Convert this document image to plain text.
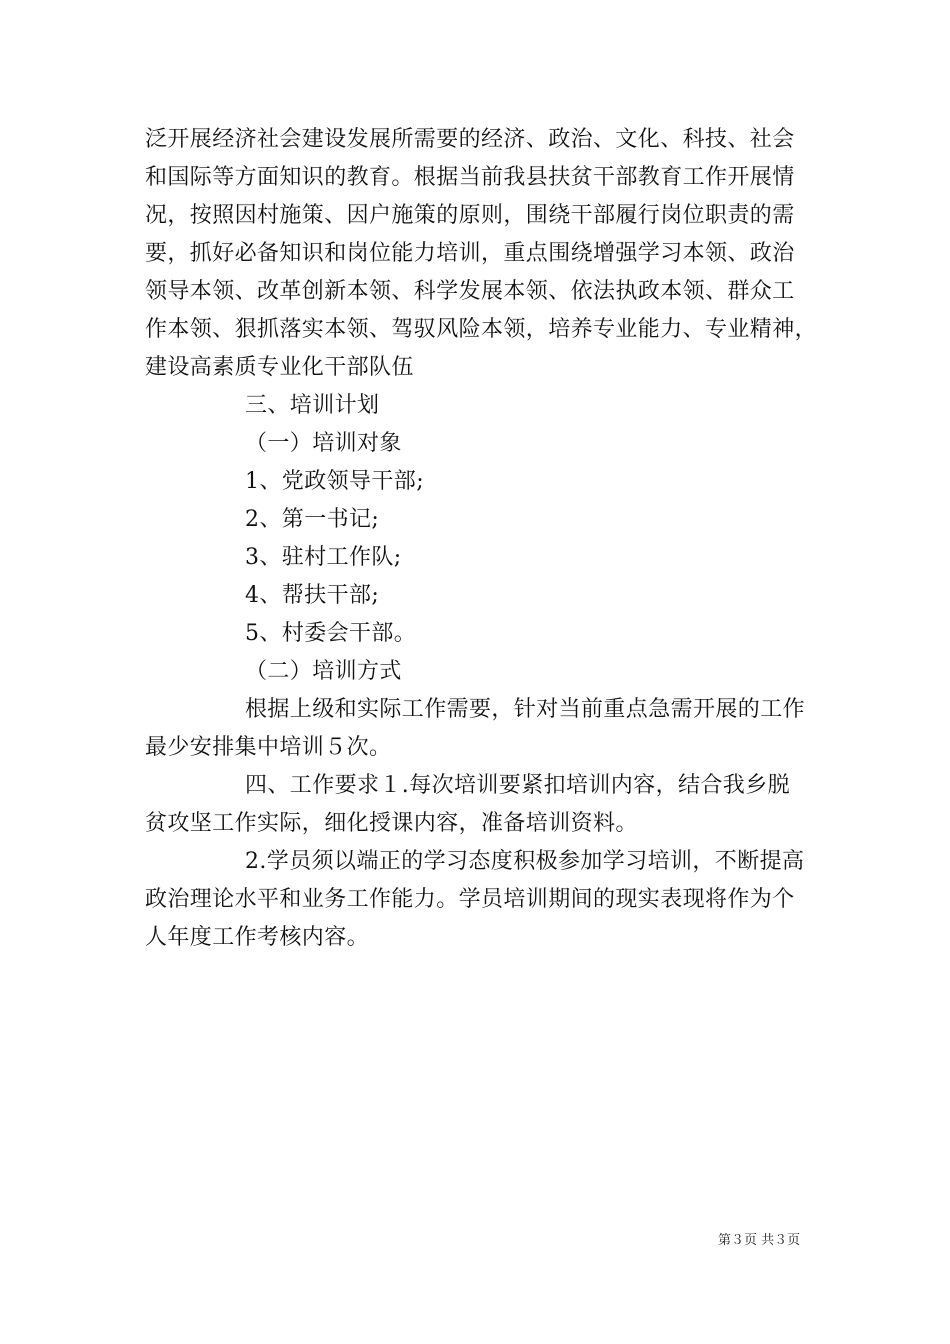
泛开展经济社会建设发展所需要的经济、政治、文化、科技、社会
和国际等方面知识的教育。根据当前我县扶贫干部教育工作开展情
况，按照因村施策、因户施策的原则，围绕干部履行岗位职责的需
要，抓好必备知识和岗位能力培训，重点围绕增强学习本领、政治
领导本领、改革创新本领、科学发展本领、依法执政本领、群众工
作本领、狠抓落实本领、驾驭风险本领，培养专业能力、专业精神，
建设高素质专业化干部队伍
三、培训计划
（一）培训对象
1、党政领导干部;
2、第一书记;
3、驻村工作队;
4、帮扶干部;
5、村委会干部。
（二）培训方式
根据上级和实际工作需要，针对当前重点急需开展的工作
最少安排集中培训５次。
四、工作要求１.每次培训要紧扣培训内容，结合我乡脱
贫攻坚工作实际，细化授课内容，准备培训资料。
2.学员须以端正的学习态度积极参加学习培训，不断提高
政治理论水平和业务工作能力。学员培训期间的现实表现将作为个
人年度工作考核内容。
第３页 共３页
